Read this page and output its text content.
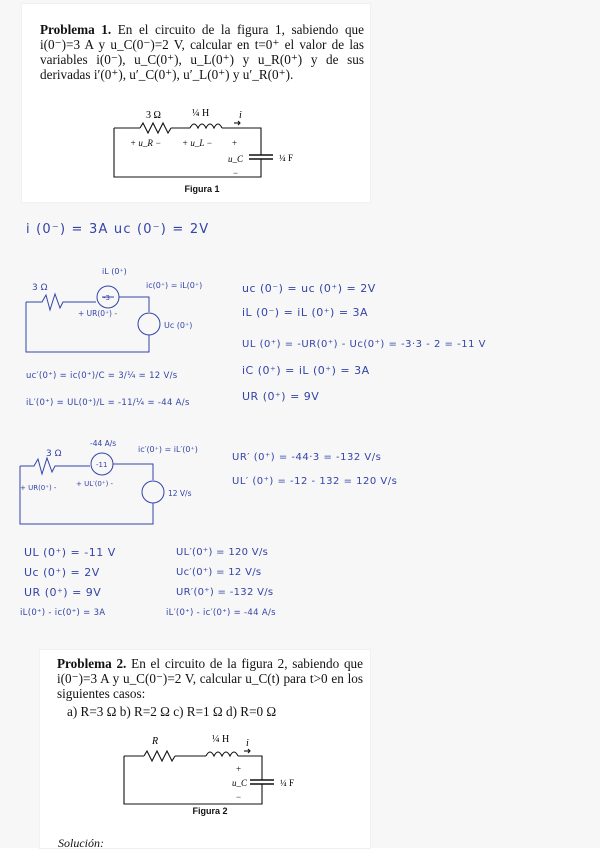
Problema 1. En el circuito de la figura 1, sabiendo que i(0⁻)=3 A y u_C(0⁻)=2 V, calcular en t=0⁺ el valor de las variables i(0⁻), u_C(0⁺), u_L(0⁺) y u_R(0⁺) y de sus derivadas i′(0⁺), u′_C(0⁺), u′_L(0⁺) y u′_R(0⁺).
3 Ω	¼ H	i
+ u_R − + u_L − +
u_C
−
¼ F
Figura 1
i (0⁻) = 3A uc (0⁻) = 2V
3 Ω
-3
iL (0⁺)
ic(0⁺) = iL(0⁺)
+ UR(0⁺) -
Uc (0⁺)
uc (0⁻) = uc (0⁺) = 2V
iL (0⁻) = iL (0⁺) = 3A
UL (0⁺) = -UR(0⁺) - Uc(0⁺) = -3·3 - 2 = -11 V
iC (0⁺) = iL (0⁺) = 3A
UR (0⁺) = 9V
uc′(0⁺) = ic(0⁺)/C = 3/¼ = 12 V/s
iL′(0⁺) = UL(0⁺)/L = -11/¼ = -44 A/s
3 Ω
-44 A/s
-11
ic′(0⁺) = iL′(0⁺)
+ UR(0⁺) -	+ UL′(0⁺) -
12 V/s
UR′ (0⁺) = -44·3 = -132 V/s
UL′ (0⁺) = -12 - 132 = 120 V/s
UL (0⁺) = -11 V
Uc (0⁺) = 2V
UR (0⁺) = 9V
iL(0⁺) - ic(0⁺) = 3A
UL′(0⁺) = 120 V/s
Uc′(0⁺) = 12 V/s
UR′(0⁺) = -132 V/s
iL′(0⁺) - ic′(0⁺) = -44 A/s
Problema 2. En el circuito de la figura 2, sabiendo que i(0⁻)=3 A y u_C(0⁻)=2 V, calcular u_C(t) para t>0 en los siguientes casos:
a) R=3 Ω b) R=2 Ω c) R=1 Ω d) R=0 Ω
R	¼ H i
+
u_C
−
¼ F
Figura 2
Solución:
